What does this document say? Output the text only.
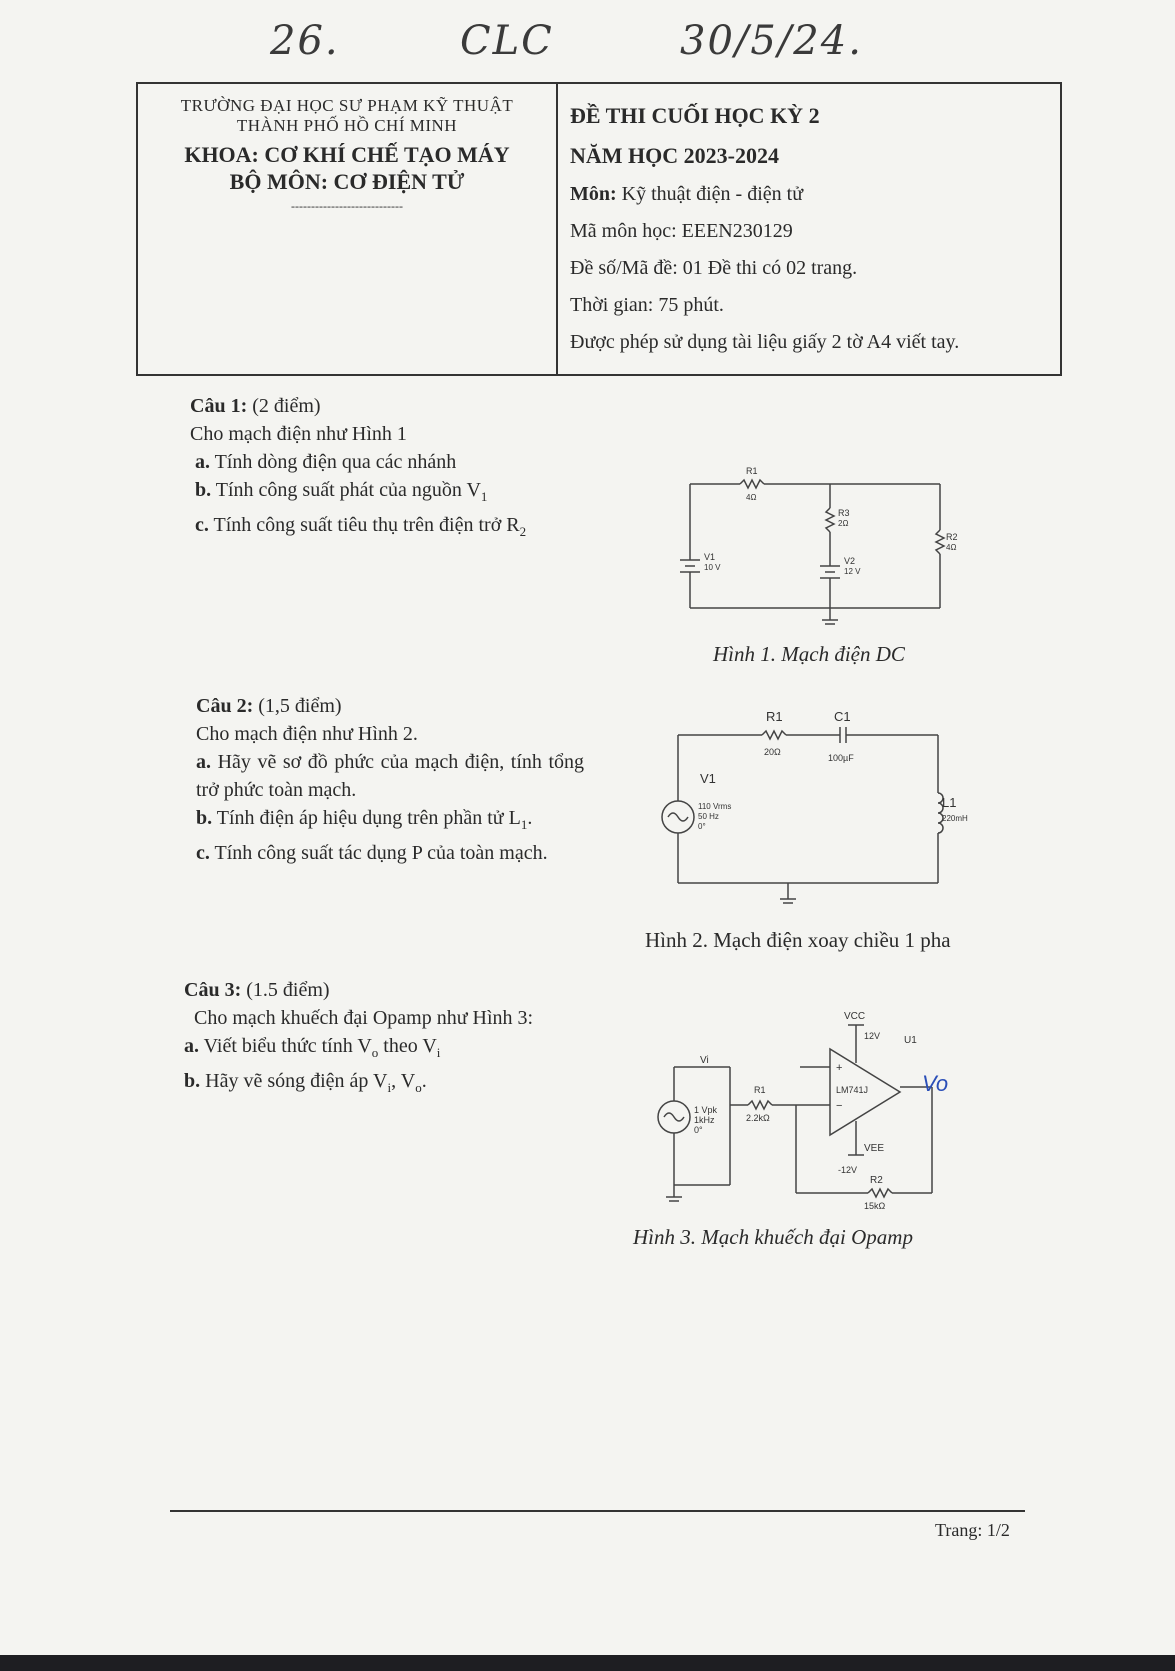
26.	CLC	30/5/24.
TRƯỜNG ĐẠI HỌC SƯ PHẠM KỸ THUẬT
THÀNH PHỐ HỒ CHÍ MINH
KHOA: CƠ KHÍ CHẾ TẠO MÁY
BỘ MÔN: CƠ ĐIỆN TỬ
----------------------------
ĐỀ THI CUỐI HỌC KỲ 2
NĂM HỌC 2023-2024
Môn: Kỹ thuật điện - điện tử
Mã môn học: EEEN230129
Đề số/Mã đề: 01 Đề thi có 02 trang.
Thời gian: 75 phút.
Được phép sử dụng tài liệu giấy 2 tờ A4 viết tay.
Câu 1: (2 điểm)
Cho mạch điện như Hình 1
a. Tính dòng điện qua các nhánh
b. Tính công suất phát của nguồn $V_1$
c. Tính công suất tiêu thụ trên điện trở $R_2$
R1
4Ω
R3
2Ω
R2
4Ω
V1
10 V
V2
12 V
Hình 1. Mạch điện DC
Câu 2: (1,5 điểm)
Cho mạch điện như Hình 2.
a. Hãy vẽ sơ đồ phức của mạch điện, tính tổng trở phức toàn mạch.
b. Tính điện áp hiệu dụng trên phần tử $L_1$.
c. Tính công suất tác dụng P của toàn mạch.
R1
20Ω
C1
100µF
V1
110 Vrms
50 Hz
0°
L1
220mH
Hình 2. Mạch điện xoay chiều 1 pha
Câu 3: (1.5 điểm)
Cho mạch khuếch đại Opamp như Hình 3:
a. Viết biểu thức tính $V_o$ theo $V_i$
b. Hãy vẽ sóng điện áp $V_i$, $V_o$.
+
−
VCC
12V U1
Vi
1 Vpk
1kHz
0°
R1
2.2kΩ
LM741J
VEE
-12V
R2
15kΩ
Vo
Hình 3. Mạch khuếch đại Opamp
Trang: 1/2
